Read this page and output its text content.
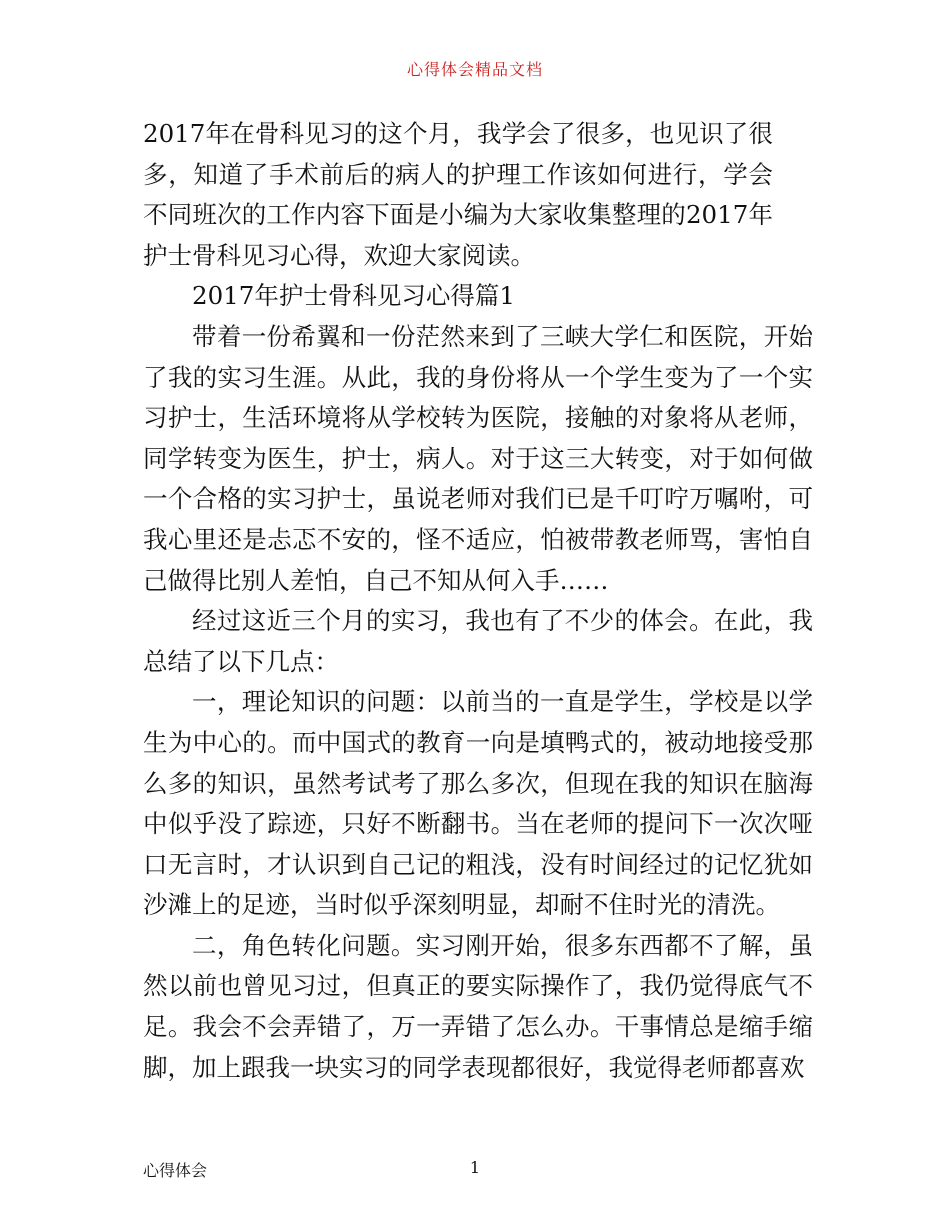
心得体会精品文档

2017年在骨科见习的这个月，我学会了很多，也见识了很多，知道了手术前后的病人的护理工作该如何进行，学会不同班次的工作内容下面是小编为大家收集整理的2017年护士骨科见习心得，欢迎大家阅读。

2017年护士骨科见习心得篇1

带着一份希翼和一份茫然来到了三峡大学仁和医院，开始了我的实习生涯。从此，我的身份将从一个学生变为了一个实习护士，生活环境将从学校转为医院，接触的对象将从老师，同学转变为医生，护士，病人。对于这三大转变，对于如何做一个合格的实习护士，虽说老师对我们已是千叮咛万嘱咐，可我心里还是忐忑不安的，怪不适应，怕被带教老师骂，害怕自己做得比别人差怕，自己不知从何入手……

经过这近三个月的实习，我也有了不少的体会。在此，我总结了以下几点：

一，理论知识的问题：以前当的一直是学生，学校是以学生为中心的。而中国式的教育一向是填鸭式的，被动地接受那么多的知识，虽然考试考了那么多次，但现在我的知识在脑海中似乎没了踪迹，只好不断翻书。当在老师的提问下一次次哑口无言时，才认识到自己记的粗浅，没有时间经过的记忆犹如沙滩上的足迹，当时似乎深刻明显，却耐不住时光的清洗。

二，角色转化问题。实习刚开始，很多东西都不了解，虽然以前也曾见习过，但真正的要实际操作了，我仍觉得底气不足。我会不会弄错了，万一弄错了怎么办。干事情总是缩手缩脚，加上跟我一块实习的同学表现都很好，我觉得老师都喜欢

心得体会	1
